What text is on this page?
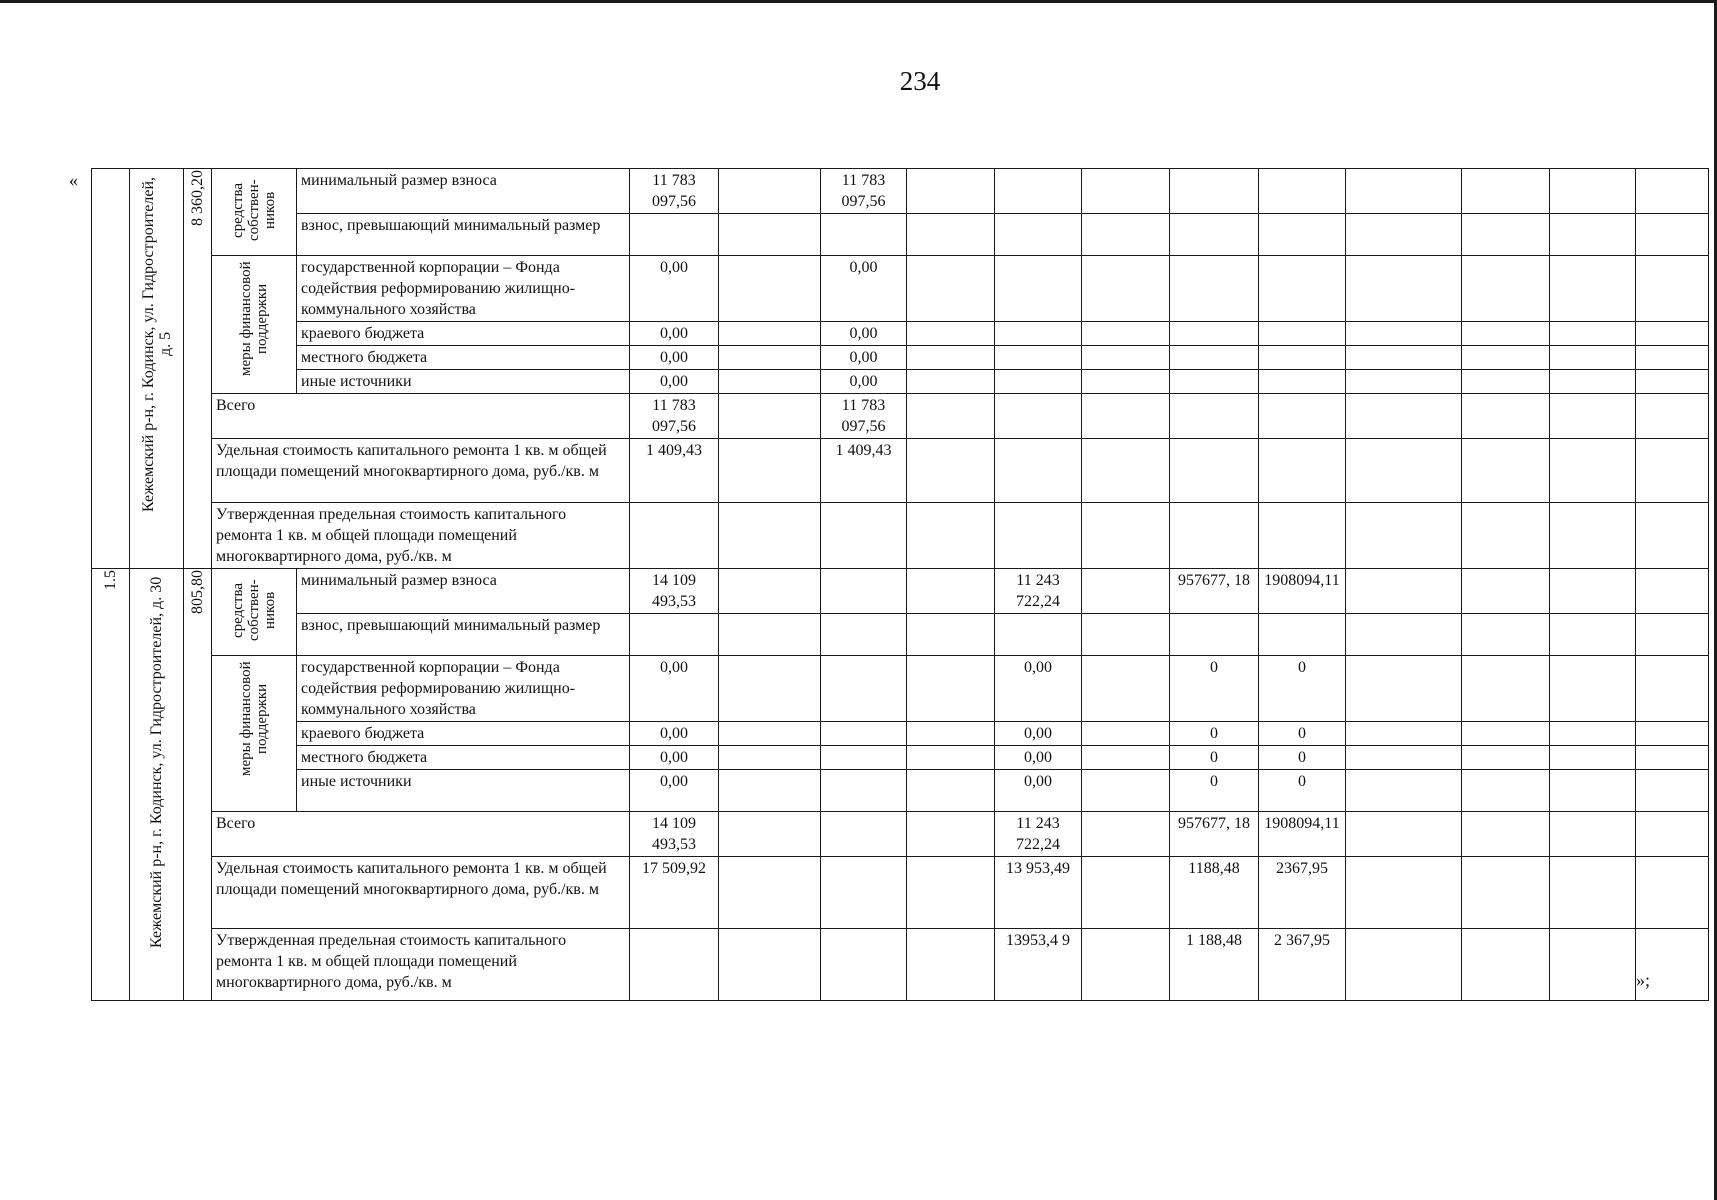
234
«
»;

	Кежемский р-н, г. Кодинск, ул. Гидростроителей, д. 5	8 360,20	средства собствен-ников	минимальный размер взноса	11 783 097,56		11 783 097,56									
				взнос, превышающий минимальный размер												

			меры финансовой поддержки	государственной корпорации – Фонда содействия реформированию жилищно-коммунального хозяйства	0,00		0,00									
				краевого бюджета	0,00		0,00									
				местного бюджета	0,00		0,00									
				иные источники	0,00		0,00									
			Всего		11 783 097,56		11 783 097,56									
			Удельная стоимость капитального ремонта 1 кв. м общей площади помещений многоквартирного дома, руб./кв. м		1 409,43		1 409,43									
			Утвержденная предельная стоимость капитального ремонта 1 кв. м общей площади помещений многоквартирного дома, руб./кв. м													

1.5	Кежемский р-н, г. Кодинск, ул. Гидростроителей, д. 30	805,80	средства собствен-ников	минимальный размер взноса	14 109 493,53				11 243 722,24		957677, 18	1908094,11				
				взнос, превышающий минимальный размер												

			меры финансовой поддержки	государственной корпорации – Фонда содействия реформированию жилищно-коммунального хозяйства	0,00				0,00		0	0				
				краевого бюджета	0,00				0,00		0	0				
				местного бюджета	0,00				0,00		0	0				
				иные источники	0,00				0,00		0	0				
			Всего		14 109 493,53				11 243 722,24		957677, 18	1908094,11				
			Удельная стоимость капитального ремонта 1 кв. м общей площади помещений многоквартирного дома, руб./кв. м		17 509,92				13 953,49		1188,48	2367,95				
			Утвержденная предельная стоимость капитального ремонта 1 кв. м общей площади помещений многоквартирного дома, руб./кв. м						13953,4 9		1 188,48	2 367,95				
